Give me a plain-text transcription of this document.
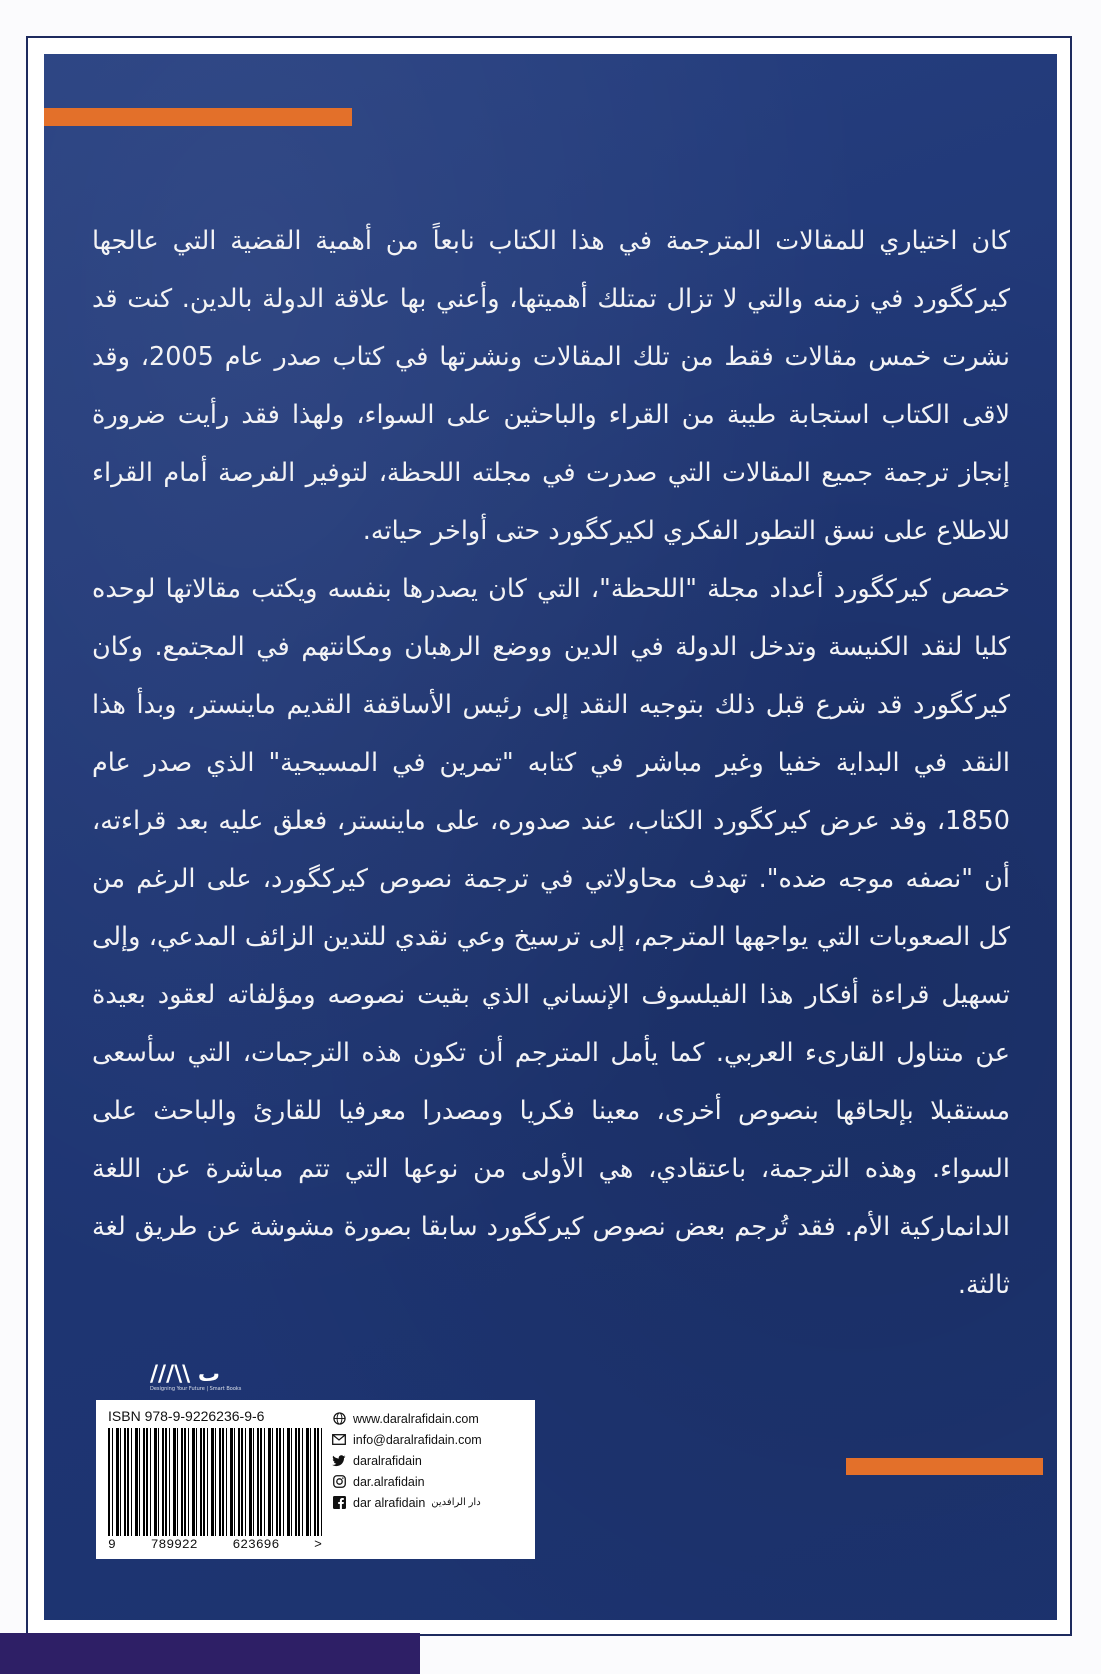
كان اختياري للمقالات المترجمة في هذا الكتاب نابعاً من أهمية القضية التي عالجها كيركگورد في زمنه والتي لا تزال تمتلك أهميتها، وأعني بها علاقة الدولة بالدين. كنت قد نشرت خمس مقالات فقط من تلك المقالات ونشرتها في كتاب صدر عام 2005، وقد لاقى الكتاب استجابة طيبة من القراء والباحثين على السواء، ولهذا فقد رأيت ضرورة إنجاز ترجمة جميع المقالات التي صدرت في مجلته اللحظة، لتوفير الفرصة أمام القراء للاطلاع على نسق التطور الفكري لكيركگورد حتى أواخر حياته.

خصص كيركگورد أعداد مجلة "اللحظة"، التي كان يصدرها بنفسه ويكتب مقالاتها لوحده كليا لنقد الكنيسة وتدخل الدولة في الدين ووضع الرهبان ومكانتهم في المجتمع. وكان كيركگورد قد شرع قبل ذلك بتوجيه النقد إلى رئيس الأساقفة القديم ماينستر، وبدأ هذا النقد في البداية خفيا وغير مباشر في كتابه "تمرين في المسيحية" الذي صدر عام 1850، وقد عرض كيركگورد الكتاب، عند صدوره، على ماينستر، فعلق عليه بعد قراءته، أن "نصفه موجه ضده". تهدف محاولاتي في ترجمة نصوص كيركگورد، على الرغم من كل الصعوبات التي يواجهها المترجم، إلى ترسيخ وعي نقدي للتدين الزائف المدعي، وإلى تسهيل قراءة أفكار هذا الفيلسوف الإنساني الذي بقيت نصوصه ومؤلفاته لعقود بعيدة عن متناول القارىء العربي. كما يأمل المترجم أن تكون هذه الترجمات، التي سأسعى مستقبلا بإلحاقها بنصوص أخرى، معينا فكريا ومصدرا معرفيا للقارئ والباحث على السواء. وهذه الترجمة، باعتقادي، هي الأولى من نوعها التي تتم مباشرة عن اللغة الدانماركية الأم. فقد تُرجم بعض نصوص كيركگورد سابقا بصورة مشوشة عن طريق لغة ثالثة.

///\\ ٮ
Designing Your Future | Smart Books
ISBN 978-9-9226236-9-6
9	789922	623696	>
www.daralrafidain.com
info@daralrafidain.com
daralrafidain
dar.alrafidain
dar alrafidain دار الرافدين
